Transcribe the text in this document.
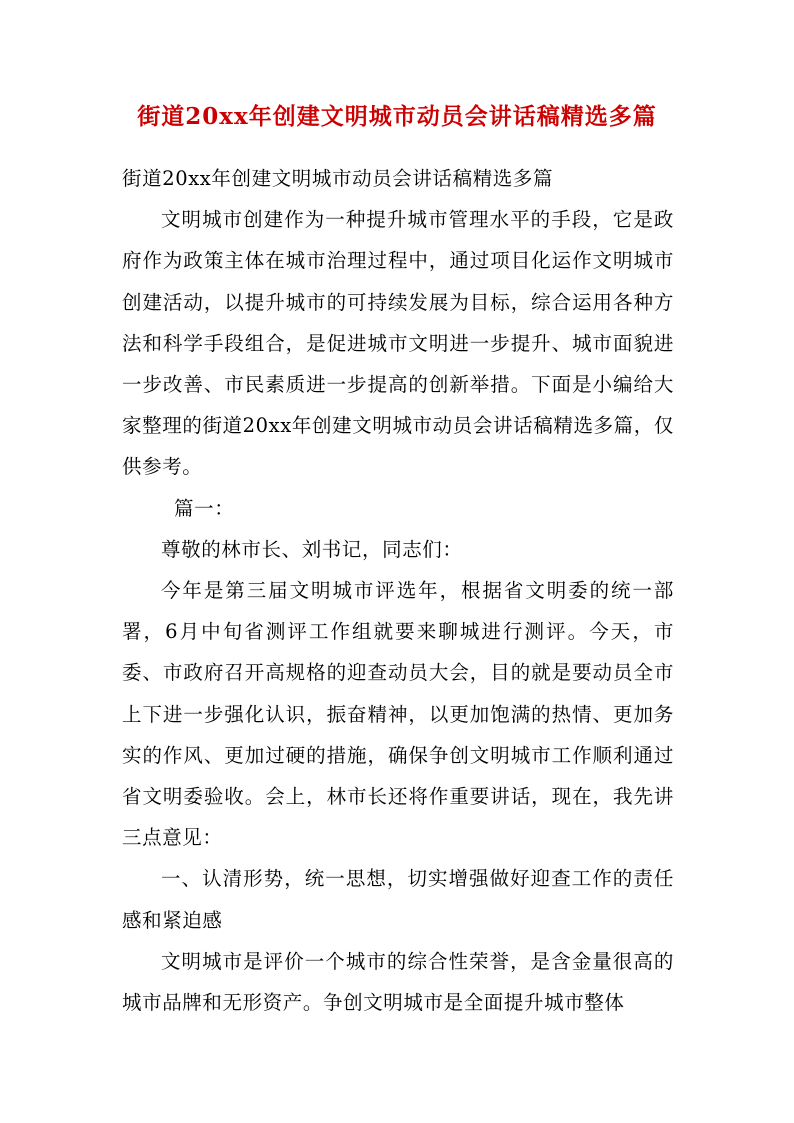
街道20xx年创建文明城市动员会讲话稿精选多篇

街道20xx年创建文明城市动员会讲话稿精选多篇

文明城市创建作为一种提升城市管理水平的手段，它是政府作为政策主体在城市治理过程中，通过项目化运作文明城市创建活动，以提升城市的可持续发展为目标，综合运用各种方法和科学手段组合，是促进城市文明进一步提升、城市面貌进一步改善、市民素质进一步提高的创新举措。下面是小编给大家整理的街道20xx年创建文明城市动员会讲话稿精选多篇，仅供参考。

篇一：

尊敬的林市长、刘书记，同志们：

今年是第三届文明城市评选年，根据省文明委的统一部署，6月中旬省测评工作组就要来聊城进行测评。今天，市委、市政府召开高规格的迎查动员大会，目的就是要动员全市上下进一步强化认识，振奋精神，以更加饱满的热情、更加务实的作风、更加过硬的措施，确保争创文明城市工作顺利通过省文明委验收。会上，林市长还将作重要讲话，现在，我先讲三点意见：

一、认清形势，统一思想，切实增强做好迎查工作的责任感和紧迫感

文明城市是评价一个城市的综合性荣誉，是含金量很高的城市品牌和无形资产。争创文明城市是全面提升城市整体
